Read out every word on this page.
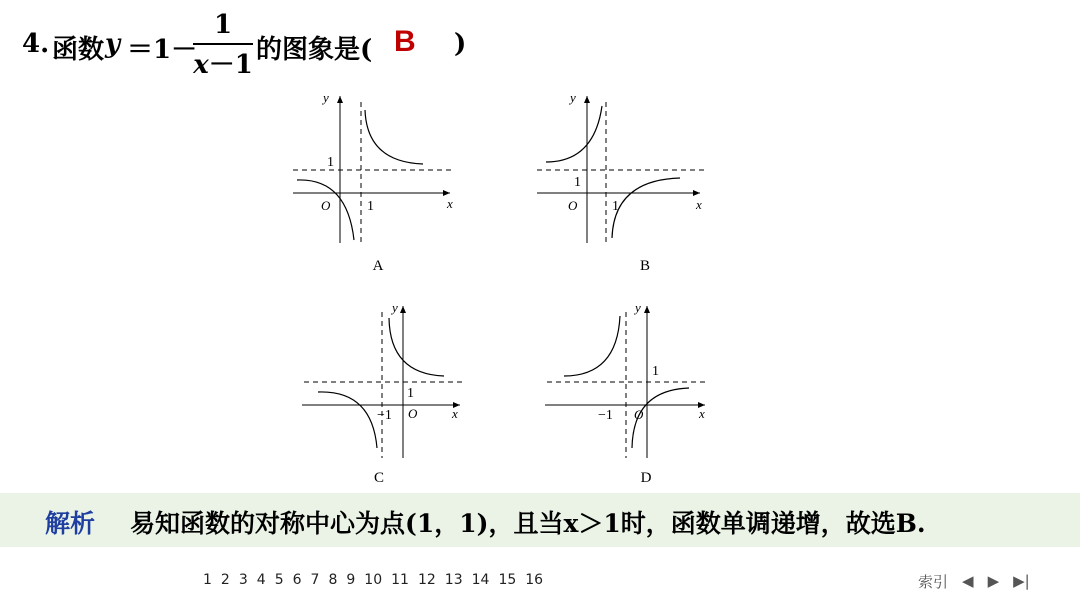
4. 函数 y ＝1－
1
x－1 的图象是( B )
x
y
O
1
1
A
x
y
O
1
1
B
x
y
O
1
−1
C
x
y
O
1
−1
D
解析 易知函数的对称中心为点(1，1)，且当x＞1时，函数单调递增，故选B.
1 2 3 4 5 6 7 8 9 10 11 12 13 14 15 16	索引 ◀ ▶ ▶|
